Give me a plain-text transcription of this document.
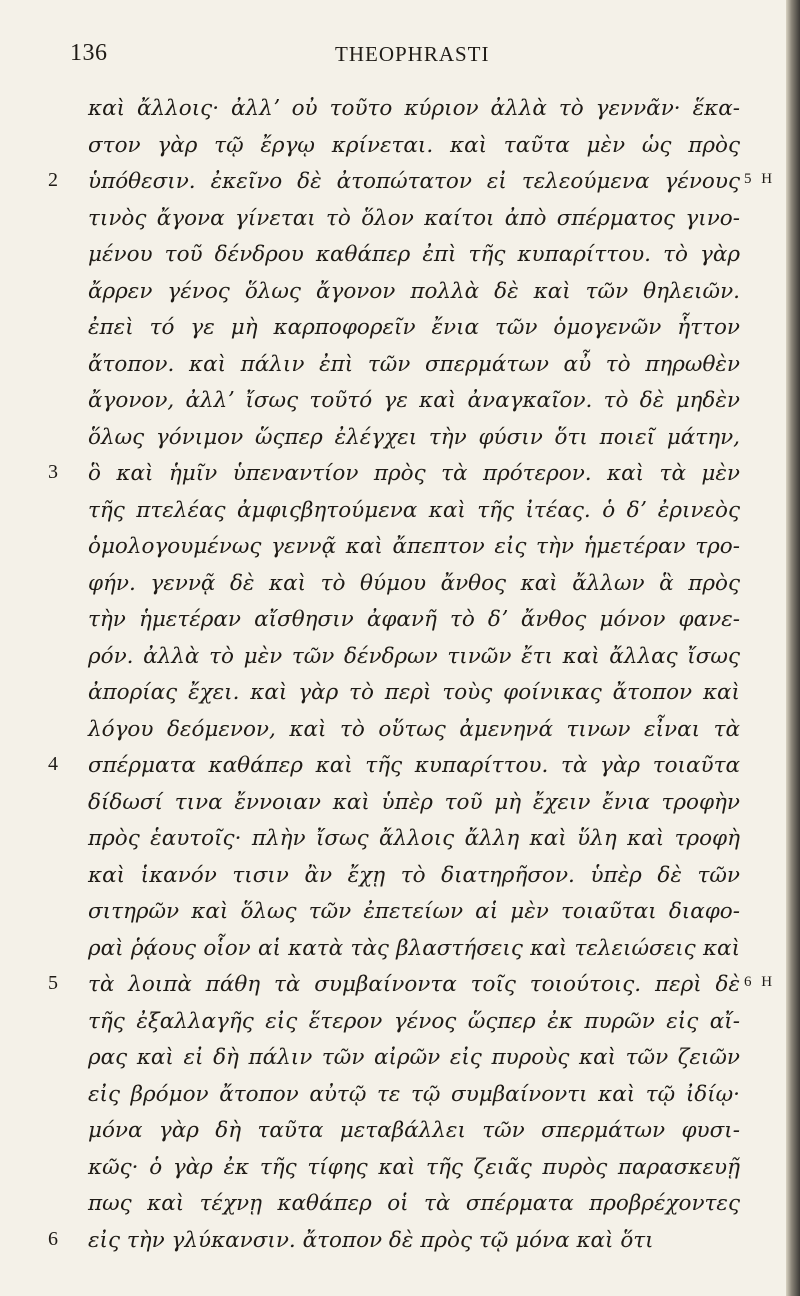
136	THEOPHRASTI
καὶ ἄλλοις· ἀλλʼ οὐ τοῦτο κύριον ἀλλὰ τὸ γεννᾶν· ἕκα-
στον γὰρ τῷ ἔργῳ κρίνεται. καὶ ταῦτα μὲν ὡς πρὸς
2 ὑπόθεσιν. ἐκεῖνο δὲ ἀτοπώτατον εἰ τελεούμενα γένους 5 H
τινὸς ἄγονα γίνεται τὸ ὅλον καίτοι ἀπὸ σπέρματος γινο-
μένου τοῦ δένδρου καθάπερ ἐπὶ τῆς κυπαρίττου. τὸ γὰρ
ἄρρεν γένος ὅλως ἄγονον πολλὰ δὲ καὶ τῶν θηλειῶν.
ἐπεὶ τό γε μὴ καρποφορεῖν ἔνια τῶν ὁμογενῶν ἧττον
ἄτοπον. καὶ πάλιν ἐπὶ τῶν σπερμάτων αὖ τὸ πηρωθὲν
ἄγονον, ἀλλʼ ἴσως τοῦτό γε καὶ ἀναγκαῖον. τὸ δὲ μηδὲν
ὅλως γόνιμον ὥςπερ ἐλέγχει τὴν φύσιν ὅτι ποιεῖ μάτην,
3 ὃ καὶ ἡμῖν ὑπεναντίον πρὸς τὰ πρότερον. καὶ τὰ μὲν
τῆς πτελέας ἀμφιςβητούμενα καὶ τῆς ἰτέας. ὁ δʼ ἐρινεὸς
ὁμολογουμένως γεννᾷ καὶ ἄπεπτον εἰς τὴν ἡμετέραν τρο-
φήν. γεννᾷ δὲ καὶ τὸ θύμου ἄνθος καὶ ἄλλων ἃ πρὸς
τὴν ἡμετέραν αἴσθησιν ἀφανῆ τὸ δʼ ἄνθος μόνον φανε-
ρόν. ἀλλὰ τὸ μὲν τῶν δένδρων τινῶν ἔτι καὶ ἄλλας ἴσως
ἀπορίας ἔχει. καὶ γὰρ τὸ περὶ τοὺς φοίνικας ἄτοπον καὶ
λόγου δεόμενον, καὶ τὸ οὕτως ἀμενηνά τινων εἶναι τὰ
4 σπέρματα καθάπερ καὶ τῆς κυπαρίττου. τὰ γὰρ τοιαῦτα
δίδωσί τινα ἔννοιαν καὶ ὑπὲρ τοῦ μὴ ἔχειν ἔνια τροφὴν
πρὸς ἑαυτοῖς· πλὴν ἴσως ἄλλοις ἄλλη καὶ ὕλη καὶ τροφὴ
καὶ ἱκανόν τισιν ἂν ἔχῃ τὸ διατηρῆσον. ὑπὲρ δὲ τῶν
σιτηρῶν καὶ ὅλως τῶν ἐπετείων αἱ μὲν τοιαῦται διαφο-
ραὶ ῥᾴους οἷον αἱ κατὰ τὰς βλαστήσεις καὶ τελειώσεις καὶ
5 τὰ λοιπὰ πάθη τὰ συμβαίνοντα τοῖς τοιούτοις. περὶ δὲ 6 H
τῆς ἐξαλλαγῆς εἰς ἕτερον γένος ὥςπερ ἐκ πυρῶν εἰς αἴ-
ρας καὶ εἰ δὴ πάλιν τῶν αἰρῶν εἰς πυροὺς καὶ τῶν ζειῶν
εἰς βρόμον ἄτοπον αὐτῷ τε τῷ συμβαίνοντι καὶ τῷ ἰδίῳ·
μόνα γὰρ δὴ ταῦτα μεταβάλλει τῶν σπερμάτων φυσι-
κῶς· ὁ γὰρ ἐκ τῆς τίφης καὶ τῆς ζειᾶς πυρὸς παρασκευῇ
πως καὶ τέχνῃ καθάπερ οἱ τὰ σπέρματα προβρέχοντες
6 εἰς τὴν γλύκανσιν. ἄτοπον δὲ πρὸς τῷ μόνα καὶ ὅτι
